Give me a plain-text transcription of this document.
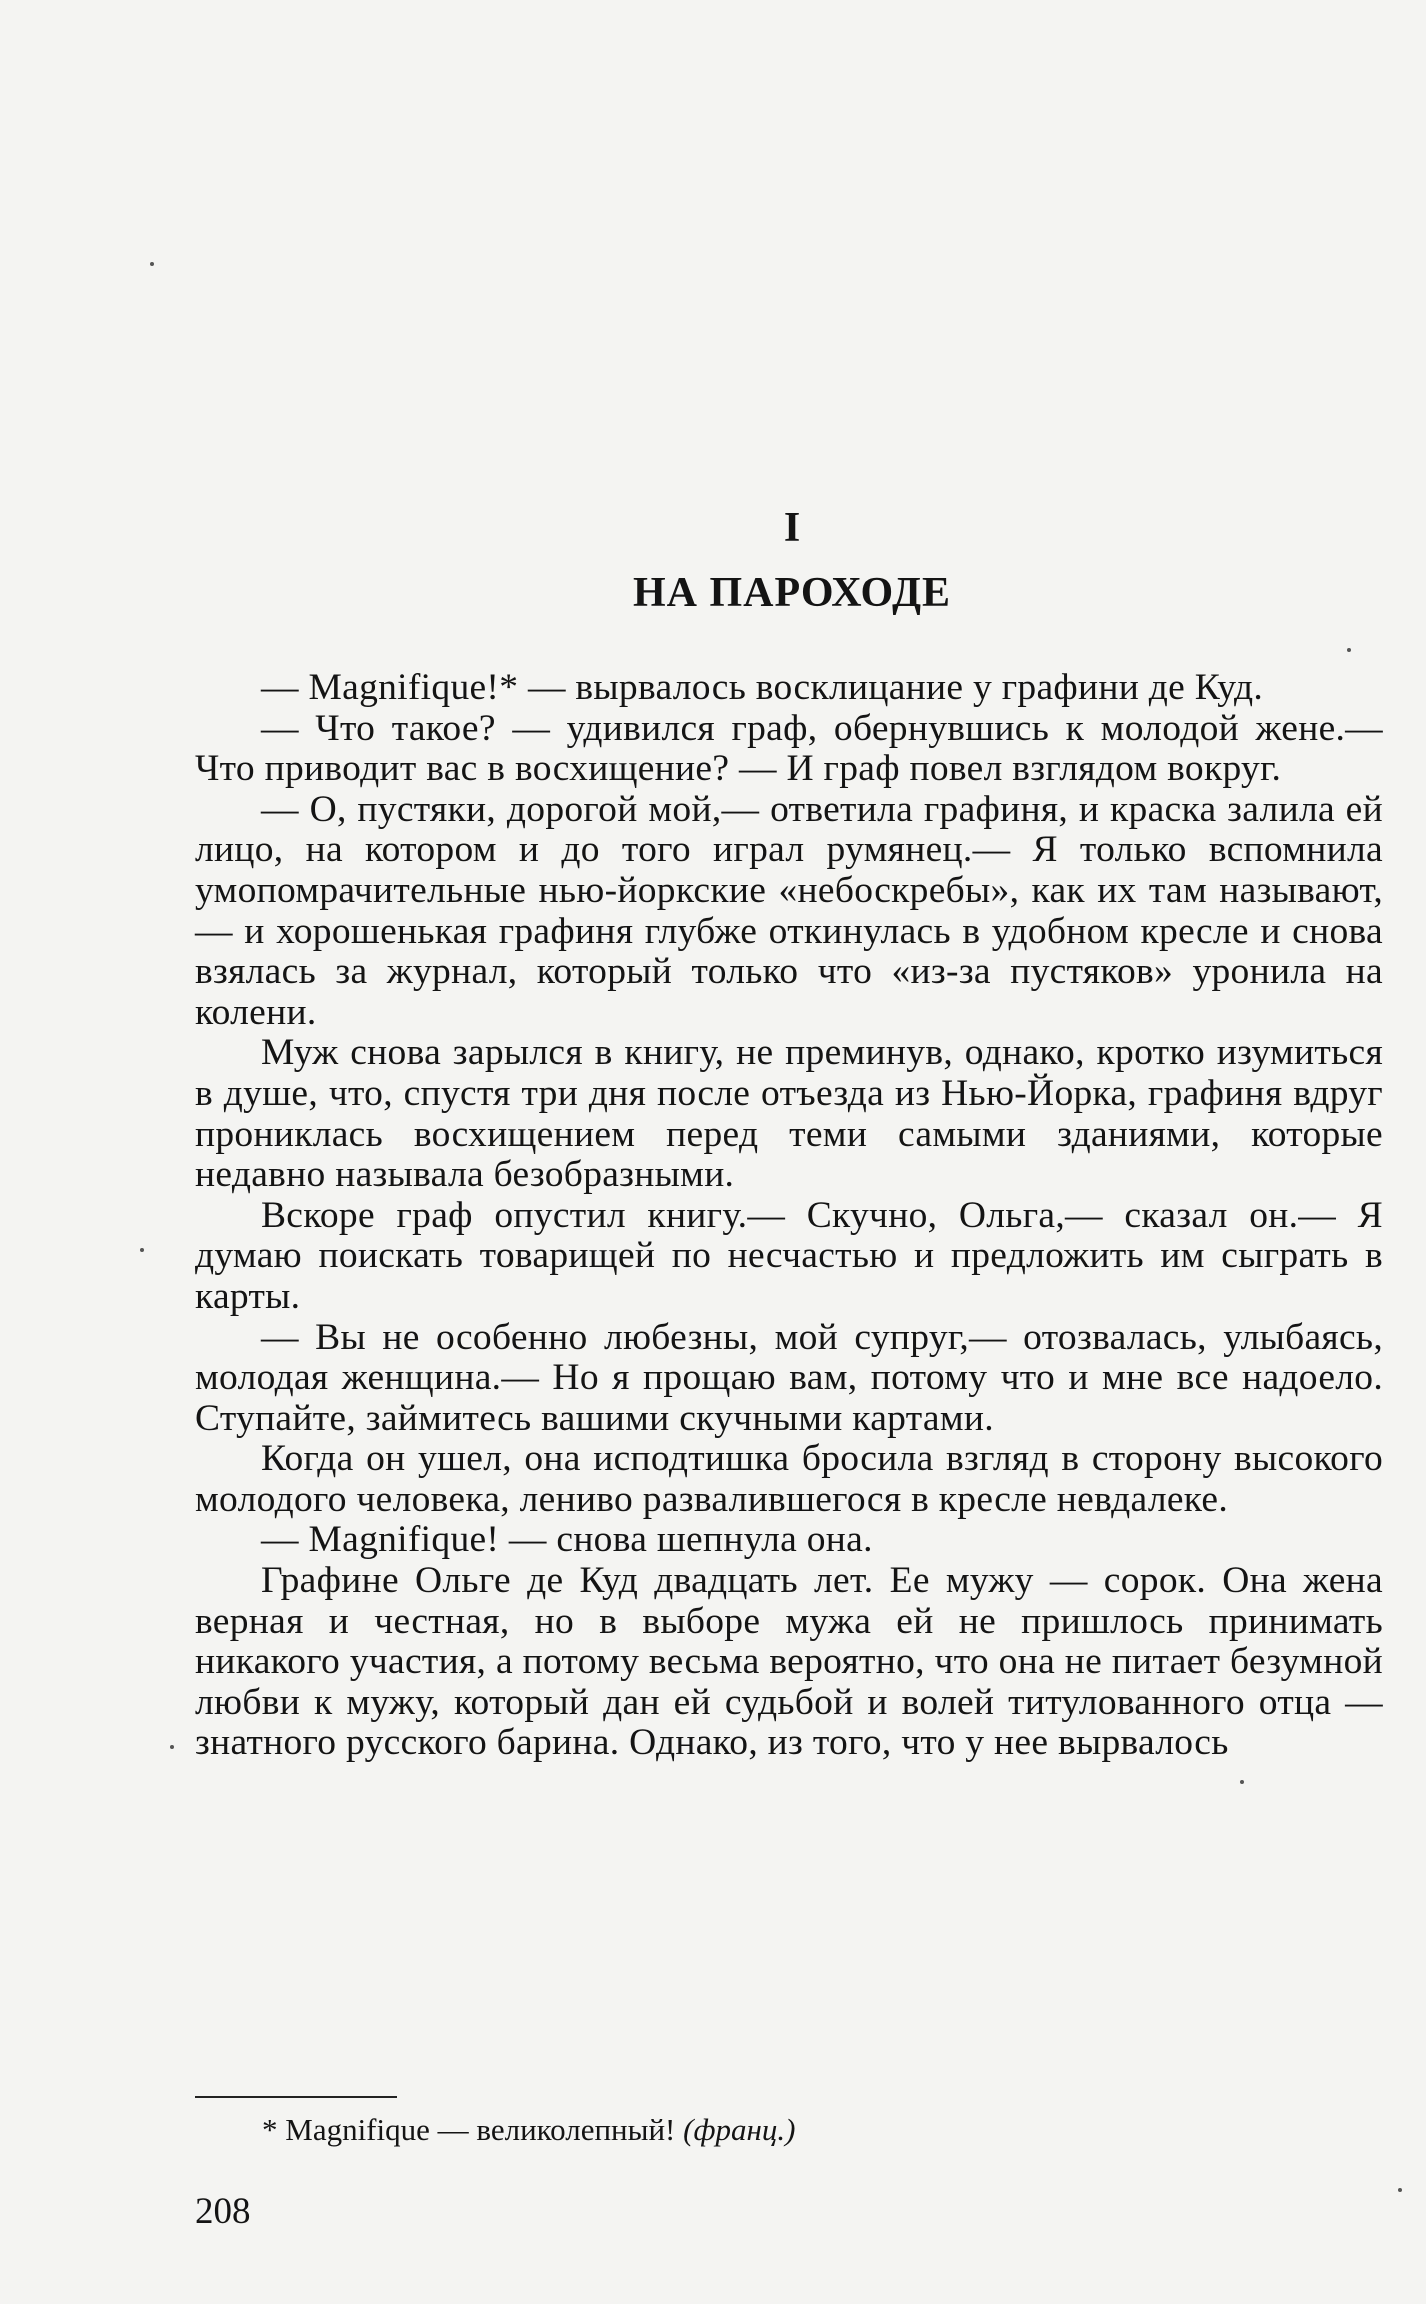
I
НА ПАРОХОДЕ

— Magnifique!* — вырвалось восклицание у графини де Куд.

— Что такое? — удивился граф, обернувшись к молодой жене.— Что приводит вас в восхищение? — И граф повел взглядом вокруг.

— О, пустяки, дорогой мой,— ответила графиня, и краска залила ей лицо, на котором и до того играл румянец.— Я только вспомнила умопомрачительные нью-йоркские «небоскребы», как их там называют,— и хорошенькая графиня глубже откинулась в удобном кресле и снова взялась за журнал, который только что «из-за пустяков» уронила на колени.

Муж снова зарылся в книгу, не преминув, однако, кротко изумиться в душе, что, спустя три дня после отъезда из Нью-Йорка, графиня вдруг прониклась восхищением перед теми самыми зданиями, которые недавно называла безобразными.

Вскоре граф опустил книгу.— Скучно, Ольга,— сказал он.— Я думаю поискать товарищей по несчастью и предложить им сыграть в карты.

— Вы не особенно любезны, мой супруг,— отозвалась, улыбаясь, молодая женщина.— Но я прощаю вам, потому что и мне все надоело. Ступайте, займитесь вашими скучными картами.

Когда он ушел, она исподтишка бросила взгляд в сторону высокого молодого человека, лениво развалившегося в кресле невдалеке.

— Magnifique! — снова шепнула она.

Графине Ольге де Куд двадцать лет. Ее мужу — сорок. Она жена верная и честная, но в выборе мужа ей не пришлось принимать никакого участия, а потому весьма вероятно, что она не питает безумной любви к мужу, который дан ей судьбой и волей титулованного отца — знатного русского барина. Однако, из того, что у нее вырвалось

* Magnifique — великолепный! (франц.)

208
